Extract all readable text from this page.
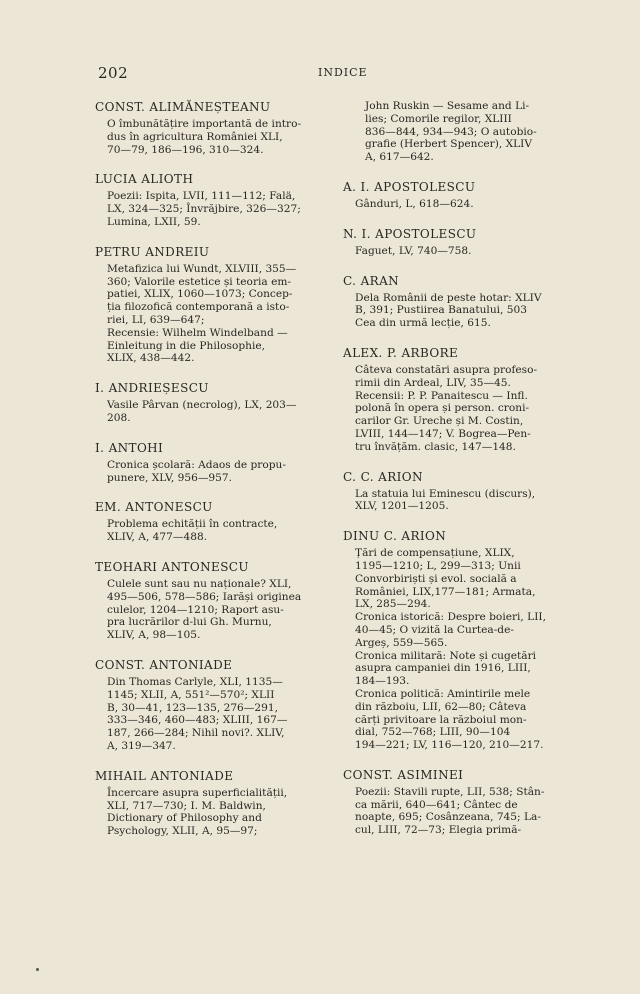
202	INDICE
CONST. ALIMĂNEȘTEANU
O îmbunătățire importantă de intro-
dus în agricultura României XLI,
70—79, 186—196, 310—324.
LUCIA ALIOTH
Poezii: Ispita, LVII, 111—112; Falä,
LX, 324—325; Învrăjbire, 326—327;
Lumina, LXII, 59.
PETRU ANDREIU
Metafizica lui Wundt, XLVIII, 355—
360; Valorile estetice și teoria em-
patiei, XLIX, 1060—1073; Concep-
ția filozofică contemporană a isto-
riei, LI, 639—647;
Recensie: Wilhelm Windelband —
Einleitung in die Philosophie,
XLIX, 438—442.
I. ANDRIEȘESCU
Vasile Pârvan (necrolog), LX, 203—
208.
I. ANTOHI
Cronica școlară: Adaos de propu-
punere, XLV, 956—957.
EM. ANTONESCU
Problema echității în contracte,
XLIV, A, 477—488.
TEOHARI ANTONESCU
Culele sunt sau nu naționale? XLI,
495—506, 578—586; Iarăși originea
culelor, 1204—1210; Raport asu-
pra lucrărilor d-lui Gh. Murnu,
XLIV, A, 98—105.
CONST. ANTONIADE
Din Thomas Carlyle, XLI, 1135—
1145; XLII, A, 551²—570²; XLII
B, 30—41, 123—135, 276—291,
333—346, 460—483; XLIII, 167—
187, 266—284; Nihil novi?. XLIV,
A, 319—347.
MIHAIL ANTONIADE
Încercare asupra superficialității,
XLI, 717—730; I. M. Baldwin,
Dictionary of Philosophy and
Psychology, XLII, A, 95—97;
John Ruskin — Sesame and Li-
lies; Comorile regilor, XLIII
836—844, 934—943; O autobio-
grafie (Herbert Spencer), XLIV
A, 617—642.
A. I. APOSTOLESCU
Gânduri, L, 618—624.
N. I. APOSTOLESCU
Faguet, LV, 740—758.
C. ARAN
Dela Românii de peste hotar: XLIV
B, 391; Pustiirea Banatului, 503
Cea din urmă lecție, 615.
ALEX. P. ARBORE
Câteva constatări asupra profeso-
rimii din Ardeal, LIV, 35—45.
Recensii: P. P. Panaitescu — Infl.
polonă în opera și person. croni-
carilor Gr. Ureche și M. Costin,
LVIII, 144—147; V. Bogrea—Pen-
tru învățăm. clasic, 147—148.
C. C. ARION
La statuia lui Eminescu (discurs),
XLV, 1201—1205.
DINU C. ARION
Țări de compensațiune, XLIX,
1195—1210; L, 299—313; Unii
Convorbiriști și evol. socială a
României, LIX,177—181; Armata,
LX, 285—294.
Cronica istorică: Despre boieri, LII,
40—45; O vizită la Curtea-de-
Argeș, 559—565.
Cronica militară: Note și cugetări
asupra campaniei din 1916, LIII,
184—193.
Cronica politică: Amintirile mele
din războiu, LII, 62—80; Câteva
cărți privitoare la războiul mon-
dial, 752—768; LIII, 90—104
194—221; LV, 116—120, 210—217.
CONST. ASIMINEI
Poezii: Stavili rupte, LII, 538; Stân-
ca mării, 640—641; Cântec de
noapte, 695; Cosânzeana, 745; La-
cul, LIII, 72—73; Elegia primă-
